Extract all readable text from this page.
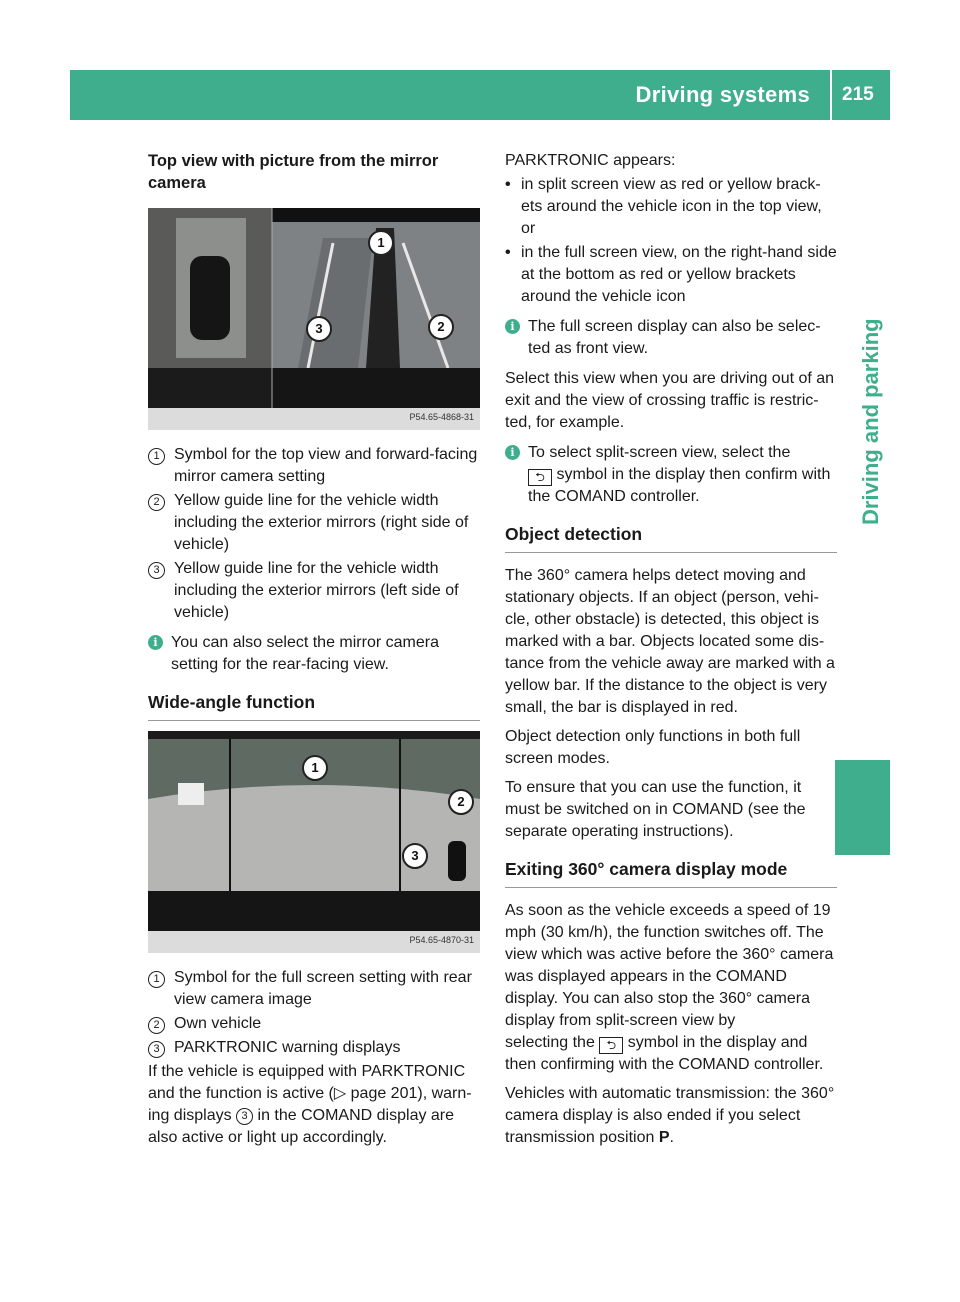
Driving systems 215
Driving and parking
Top view with picture from the mirror camera
1
2
3
P54.65-4868-31
1 Symbol for the top view and forward-facing mirror camera setting
2 Yellow guide line for the vehicle width including the exterior mirrors (right side of vehicle)
3 Yellow guide line for the vehicle width including the exterior mirrors (left side of vehicle)
i You can also select the mirror camera setting for the rear-facing view.
Wide-angle function
1
2
3
P54.65-4870-31
1 Symbol for the full screen setting with rear view camera image
2 Own vehicle
3 PARKTRONIC warning displays

If the vehicle is equipped with PARKTRONIC and the function is active (▷ page 201), warn-ing displays 3 in the COMAND display are also active or light up accordingly.

PARKTRONIC appears:

• in split screen view as red or yellow brack-ets around the vehicle icon in the top view, or
• in the full screen view, on the right-hand side at the bottom as red or yellow brackets around the vehicle icon
i The full screen display can also be selec-ted as front view.

Select this view when you are driving out of an exit and the view of crossing traffic is restric-ted, for example.

i To select split-screen view, select the
⮌ symbol in the display then confirm with the COMAND controller.
Object detection

The 360° camera helps detect moving and stationary objects. If an object (person, vehi-cle, other obstacle) is detected, this object is marked with a bar. Objects located some dis-tance from the vehicle away are marked with a yellow bar. If the distance to the object is very small, the bar is displayed in red.

Object detection only functions in both full screen modes.

To ensure that you can use the function, it must be switched on in COMAND (see the separate operating instructions).

Exiting 360° camera display mode

As soon as the vehicle exceeds a speed of 19 mph (30 km/h), the function switches off. The view which was active before the 360° camera was displayed appears in the COMAND display. You can also stop the 360° camera display from split-screen view by

selecting the ⮌ symbol in the display and then confirming with the COMAND controller.

Vehicles with automatic transmission: the 360° camera display is also ended if you select transmission position P.
